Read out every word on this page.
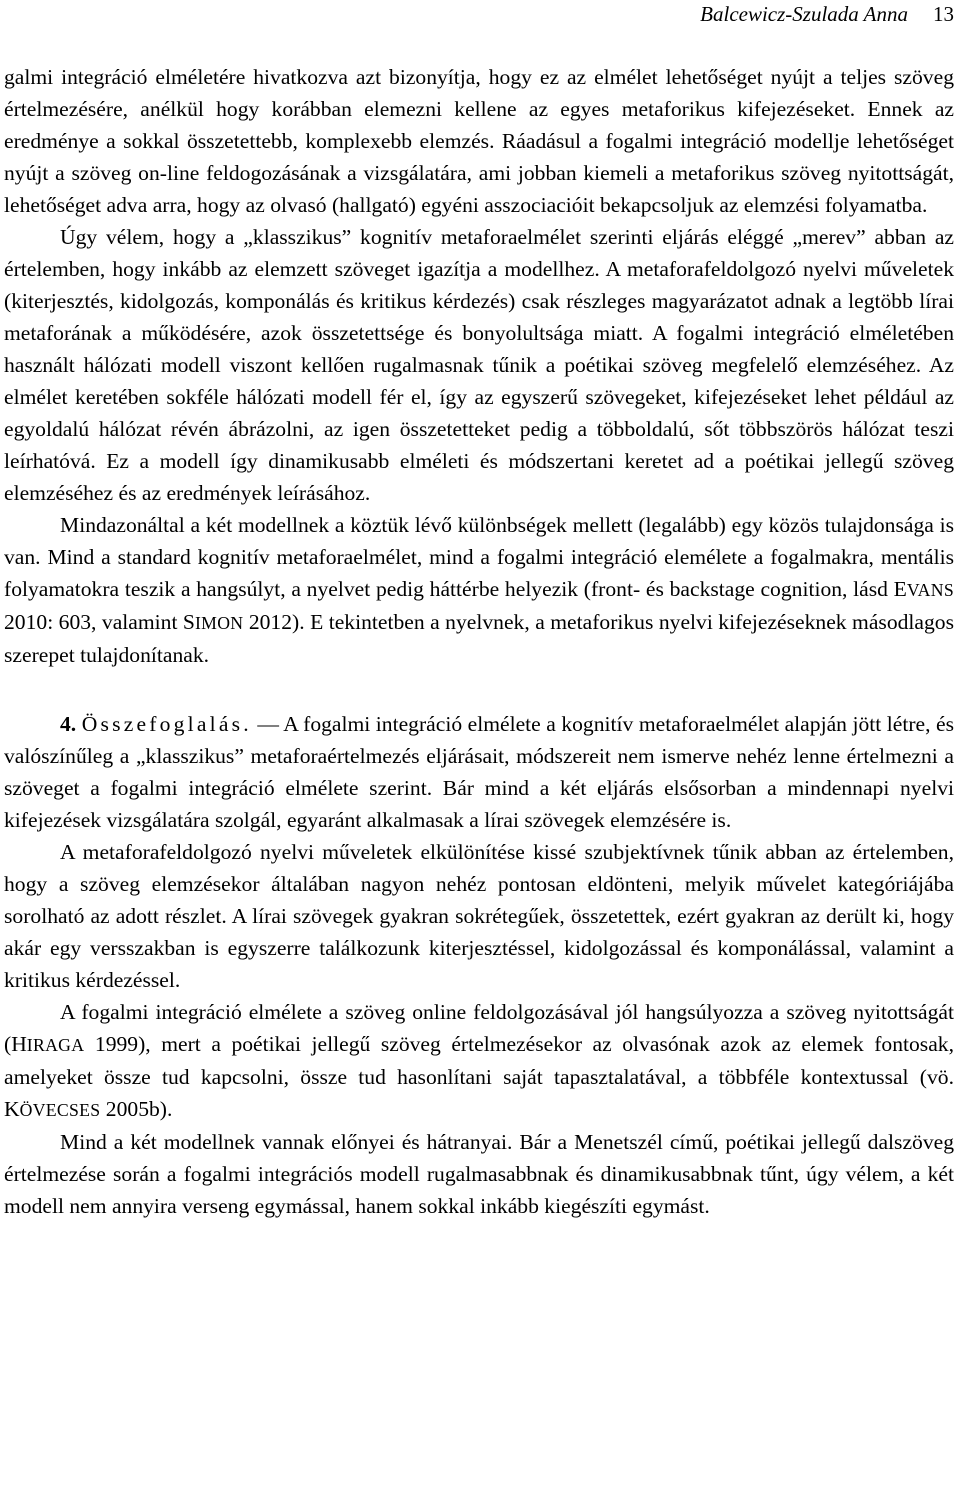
Balcewicz-Szulada Anna 13

galmi integráció elméletére hivatkozva azt bizonyítja, hogy ez az elmélet lehetőséget nyújt a teljes szöveg értelmezésére, anélkül hogy korábban elemezni kellene az egyes metaforikus kifejezéseket. Ennek az eredménye a sokkal összetettebb, komplexebb elemzés. Ráadásul a fogalmi integráció modellje lehetőséget nyújt a szöveg on-line feldogozásának a vizsgálatára, ami jobban kiemeli a metaforikus szöveg nyitottságát, lehetőséget adva arra, hogy az olvasó (hallgató) egyéni asszociacióit bekapcsoljuk az elemzési folyamatba.

Úgy vélem, hogy a „klasszikus” kognitív metaforaelmélet szerinti eljárás eléggé „merev” abban az értelemben, hogy inkább az elemzett szöveget igazítja a modellhez. A metaforafeldolgozó nyelvi műveletek (kiterjesztés, kidolgozás, komponálás és kritikus kérdezés) csak részleges magyarázatot adnak a legtöbb lírai metaforának a működésére, azok összetettsége és bonyolultsága miatt. A fogalmi integráció elméletében használt hálózati modell viszont kellően rugalmasnak tűnik a poétikai szöveg megfelelő elemzéséhez. Az elmélet keretében sokféle hálózati modell fér el, így az egyszerű szövegeket, kifejezéseket lehet például az egyoldalú hálózat révén ábrázolni, az igen összetetteket pedig a többoldalú, sőt többszörös hálózat teszi leírhatóvá. Ez a modell így dinamikusabb elméleti és módszertani keretet ad a poétikai jellegű szöveg elemzéséhez és az eredmények leírásához.

Mindazonáltal a két modellnek a köztük lévő különbségek mellett (legalább) egy közös tulajdonsága is van. Mind a standard kognitív metaforaelmélet, mind a fogalmi integráció elemélete a fogalmakra, mentális folyamatokra teszik a hangsúlyt, a nyelvet pedig háttérbe helyezik (front- és backstage cognition, lásd EVANS 2010: 603, valamint SIMON 2012). E tekintetben a nyelvnek, a metaforikus nyelvi kifejezéseknek másodlagos szerepet tulajdonítanak.

4. Összefoglalás. — A fogalmi integráció elmélete a kognitív metaforaelmélet alapján jött létre, és valószínűleg a „klasszikus” metaforaértelmezés eljárásait, módszereit nem ismerve nehéz lenne értelmezni a szöveget a fogalmi integráció elmélete szerint. Bár mind a két eljárás elsősorban a mindennapi nyelvi kifejezések vizsgálatára szolgál, egyaránt alkalmasak a lírai szövegek elemzésére is.

A metaforafeldolgozó nyelvi műveletek elkülönítése kissé szubjektívnek tűnik abban az értelemben, hogy a szöveg elemzésekor általában nagyon nehéz pontosan eldönteni, melyik művelet kategóriájába sorolható az adott részlet. A lírai szövegek gyakran sokrétegűek, összetettek, ezért gyakran az derült ki, hogy akár egy versszakban is egyszerre találkozunk kiterjesztéssel, kidolgozással és komponálással, valamint a kritikus kérdezéssel.

A fogalmi integráció elmélete a szöveg online feldolgozásával jól hangsúlyozza a szöveg nyitottságát (HIRAGA 1999), mert a poétikai jellegű szöveg értelmezésekor az olvasónak azok az elemek fontosak, amelyeket össze tud kapcsolni, össze tud hasonlítani saját tapasztalatával, a többféle kontextussal (vö. KÖVECSES 2005b).

Mind a két modellnek vannak előnyei és hátranyai. Bár a Menetszél című, poétikai jellegű dalszöveg értelmezése során a fogalmi integrációs modell rugalmasabbnak és dinamikusabbnak tűnt, úgy vélem, a két modell nem annyira verseng egymással, hanem sokkal inkább kiegészíti egymást.
